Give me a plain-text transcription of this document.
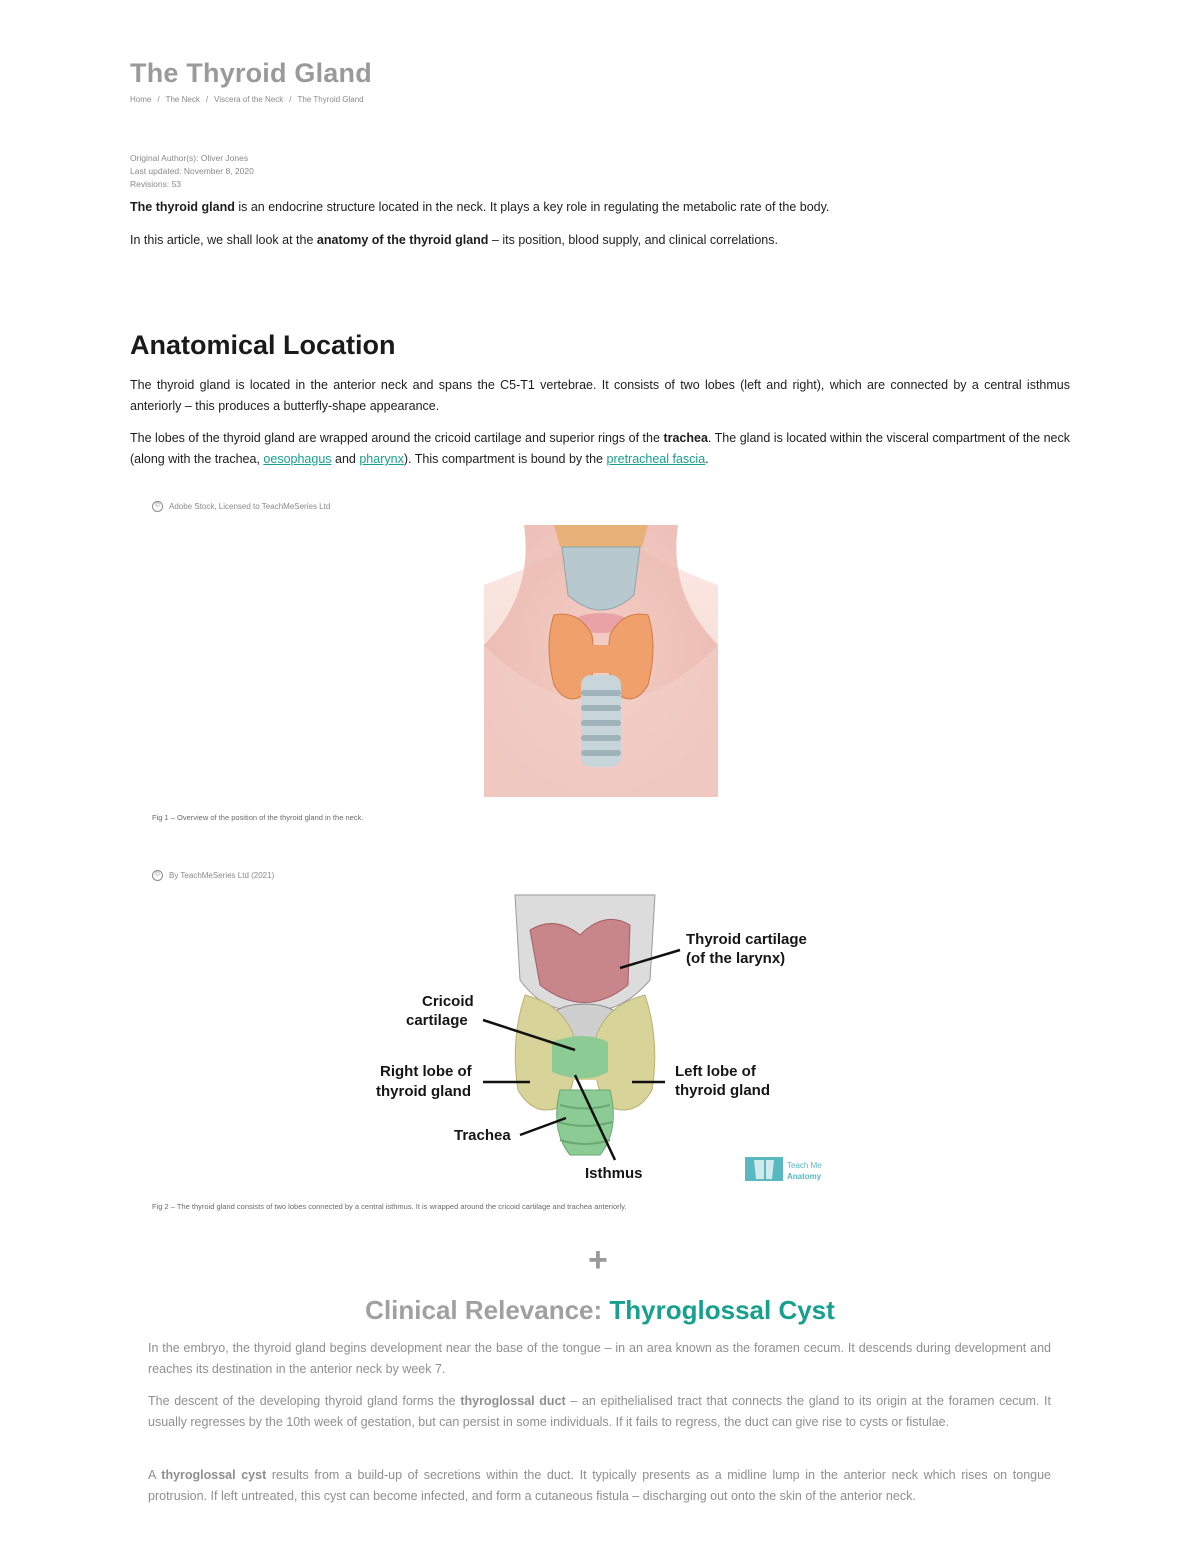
The Thyroid Gland
Home / The Neck / Viscera of the Neck / The Thyroid Gland
Original Author(s): Oliver Jones
Last updated: November 8, 2020
Revisions: 53

The thyroid gland is an endocrine structure located in the neck. It plays a key role in regulating the metabolic rate of the body.

In this article, we shall look at the anatomy of the thyroid gland – its position, blood supply, and clinical correlations.

Anatomical Location

The thyroid gland is located in the anterior neck and spans the C5-T1 vertebrae. It consists of two lobes (left and right), which are connected by a central isthmus anteriorly – this produces a butterfly-shape appearance.

The lobes of the thyroid gland are wrapped around the cricoid cartilage and superior rings of the trachea. The gland is located within the visceral compartment of the neck (along with the trachea, oesophagus and pharynx). This compartment is bound by the pretracheal fascia.

©	Adobe Stock, Licensed to TeachMeSeries Ltd
Fig 1 – Overview of the position of the thyroid gland in the neck.
©	By TeachMeSeries Ltd (2021)
Thyroid cartilage
(of the larynx)
Cricoid
cartilage
Right lobe of
thyroid gland
Left lobe of
thyroid gland
Trachea
Isthmus	Teach Me
Anatomy
Fig 2 – The thyroid gland consists of two lobes connected by a central isthmus. It is wrapped around the cricoid cartilage and trachea anteriorly.
+
Clinical Relevance: Thyroglossal Cyst

In the embryo, the thyroid gland begins development near the base of the tongue – in an area known as the foramen cecum. It descends during development and reaches its destination in the anterior neck by week 7.

The descent of the developing thyroid gland forms the thyroglossal duct – an epithelialised tract that connects the gland to its origin at the foramen cecum. It usually regresses by the 10th week of gestation, but can persist in some individuals. If it fails to regress, the duct can give rise to cysts or fistulae.

A thyroglossal cyst results from a build-up of secretions within the duct. It typically presents as a midline lump in the anterior neck which rises on tongue protrusion. If left untreated, this cyst can become infected, and form a cutaneous fistula – discharging out onto the skin of the anterior neck.
